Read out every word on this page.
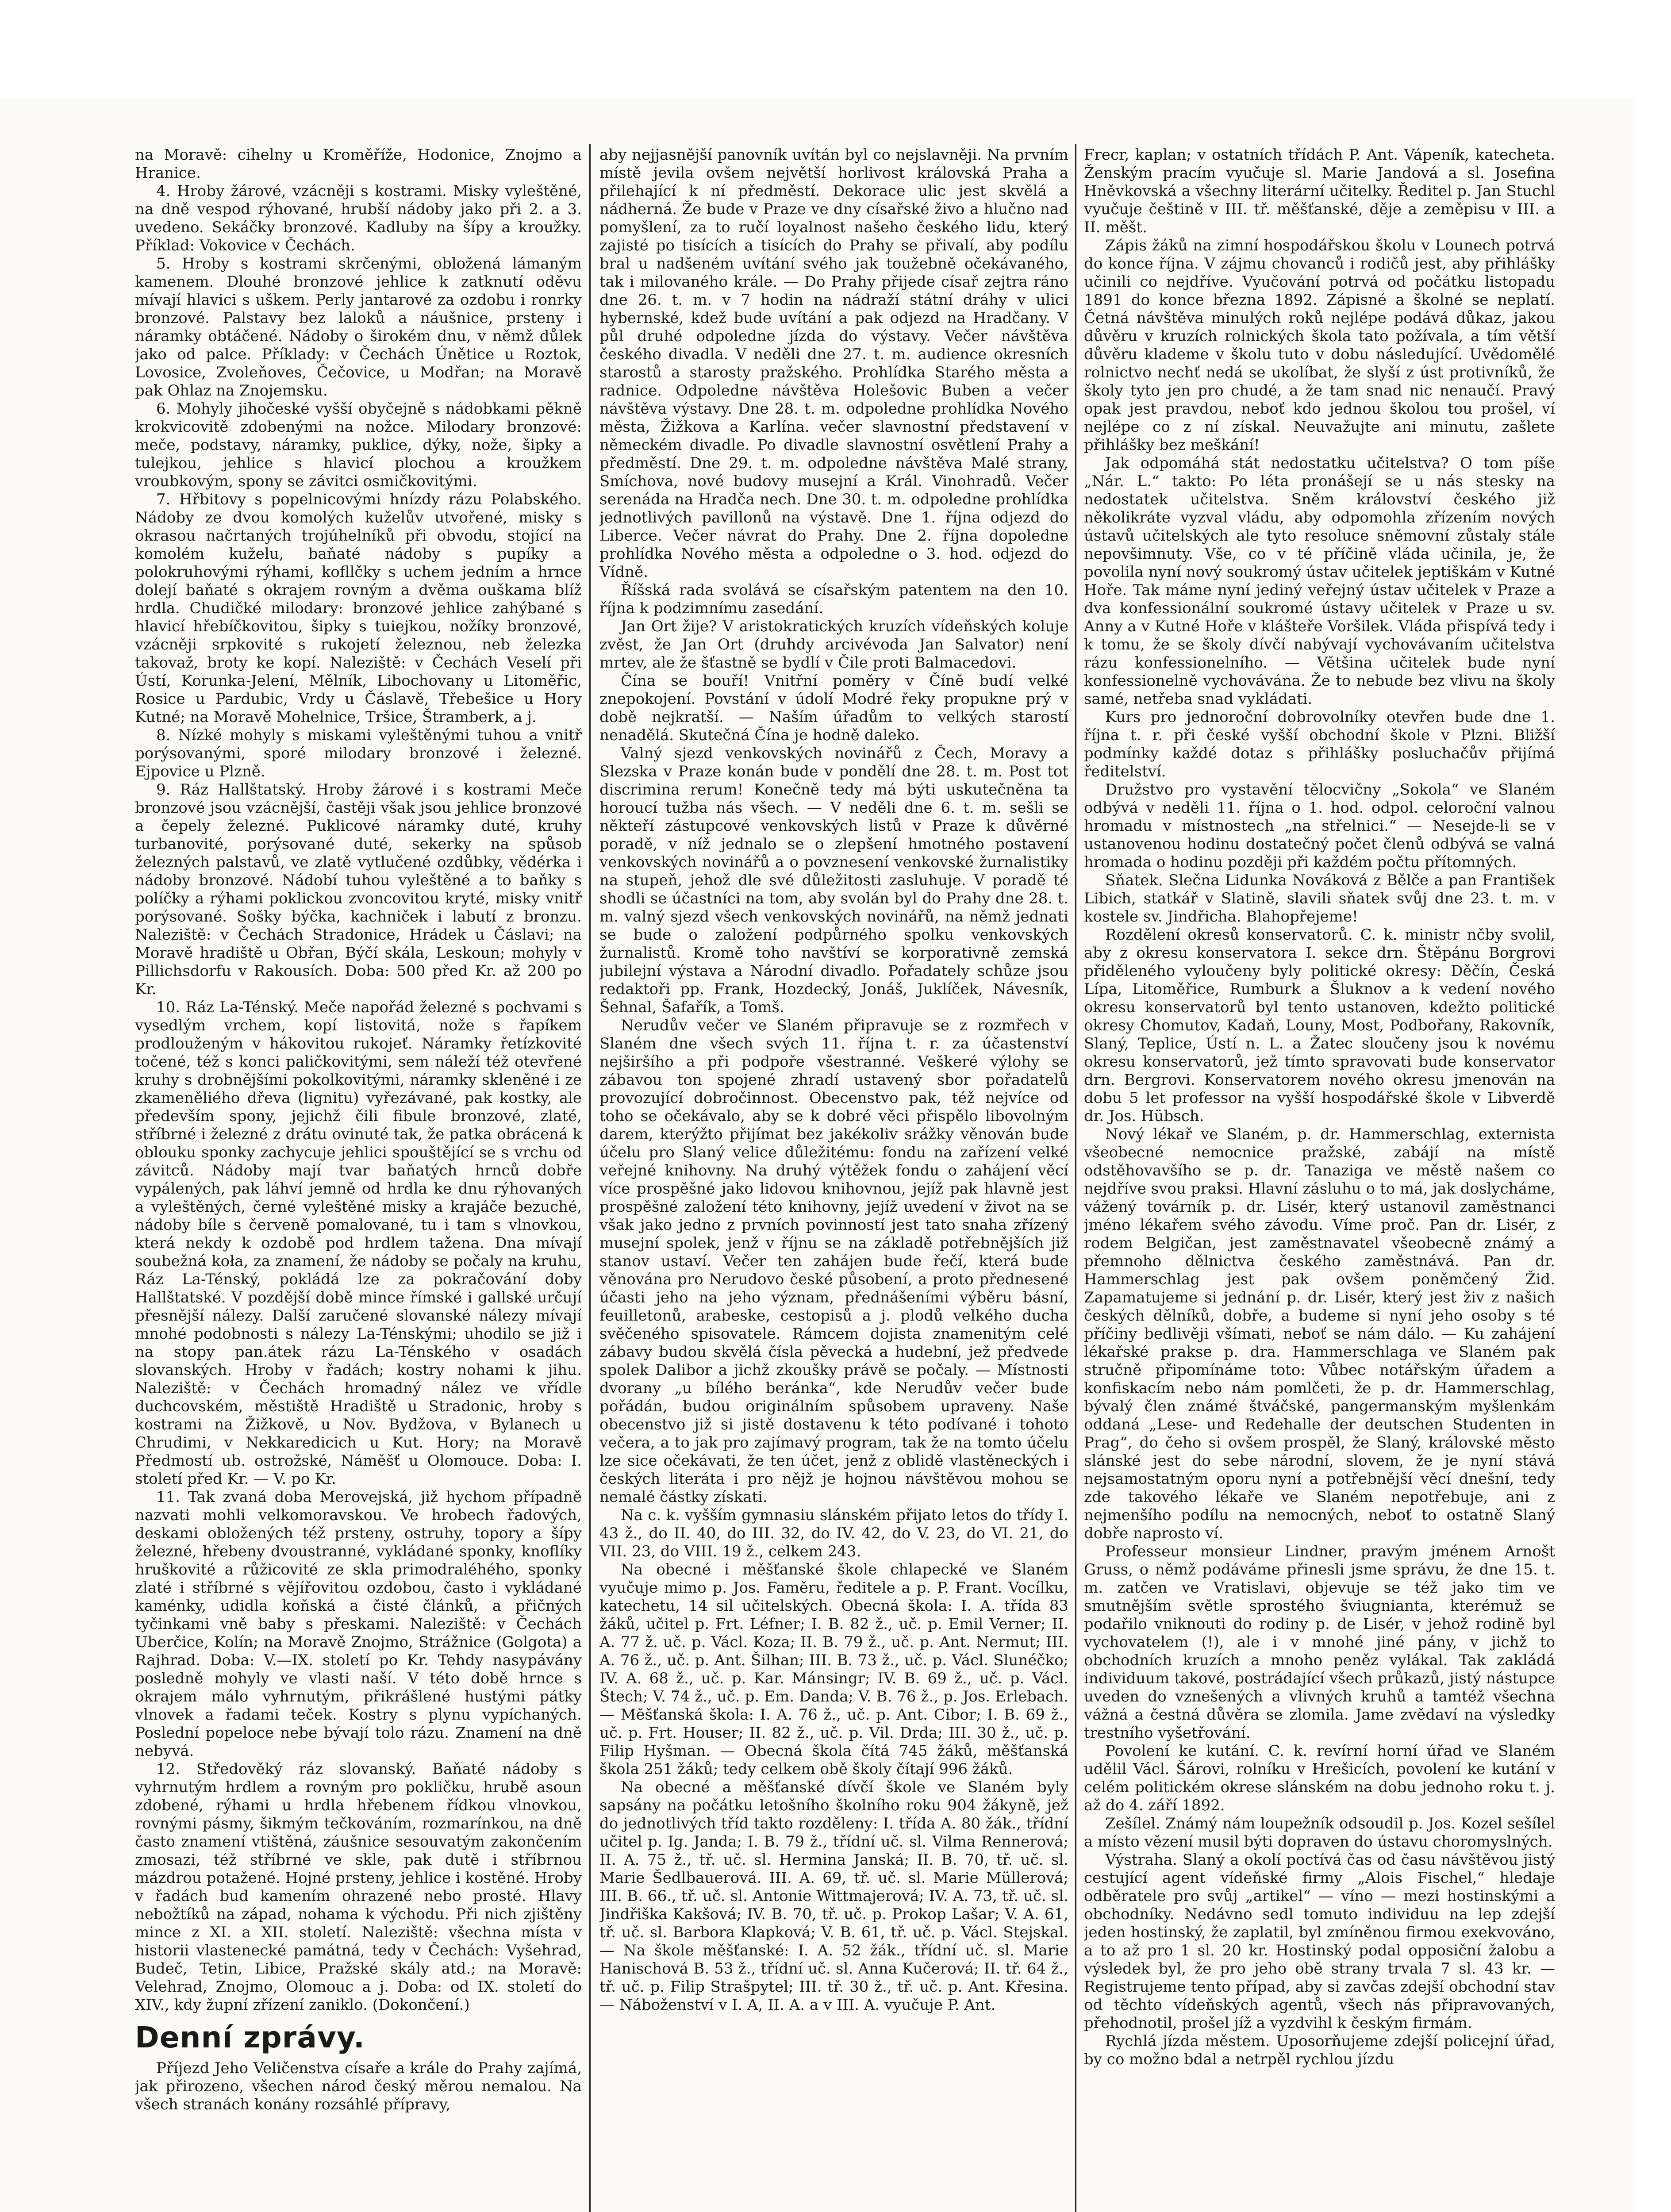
na Moravě: cihelny u Kroměříže, Hodonice, Znojmo a Hranice.

4. Hroby žárové, vzácněji s kostrami. Misky vyleštěné, na dně vespod rýhované, hrubší nádoby jako při 2. a 3. uvedeno. Sekáčky bronzové. Kadluby na šípy a kroužky. Příklad: Vokovice v Čechách.

5. Hroby s kostrami skrčenými, obložená lámaným kamenem. Dlouhé bronzové jehlice k zatknutí oděvu mívají hlavici s uškem. Perly jantarové za ozdobu i ronrky bronzové. Palstavy bez laloků a náušnice, prsteny i náramky obtáčené. Nádoby o širokém dnu, v němž důlek jako od palce. Příklady: v Čechách Únětice u Roztok, Lovosice, Zvoleňoves, Čečovice, u Modřan; na Moravě pak Ohlaz na Znojemsku.

6. Mohyly jihočeské vyšší obyčejně s nádobkami pěkně krokvicovitě zdobenými na nožce. Milodary bronzové: meče, podstavy, náramky, puklice, dýky, nože, šipky a tulejkou, jehlice s hlavicí plochou a kroužkem vroubkovým, spony se závitci osmičkovitými.

7. Hřbitovy s popelnicovými hnízdy rázu Polabského. Nádoby ze dvou komolých kuželův utvořené, misky s okrasou načrtaných trojúhelníků při obvodu, stojící na komolém kuželu, baňaté nádoby s pupíky a polokruhovými rýhami, kofllčky s uchem jedním a hrnce dolejí baňaté s okrajem rovným a dvěma ouškama blíž hrdla. Chudičké milodary: bronzové jehlice zahýbané s hlavicí hřebíčkovitou, šipky s tuiejkou, nožíky bronzové, vzácněji srpkovité s rukojetí železnou, neb železka takovaž, broty ke kopí. Naleziště: v Čechách Veselí při Ústí, Korunka-Jelení, Mělník, Libochovany u Litoměřic, Rosice u Pardubic, Vrdy u Čáslavě, Třebešice u Hory Kutné; na Moravě Mohelnice, Tršice, Štramberk, a j.

8. Nízké mohyly s miskami vyleštěnými tuhou a vnitř porýsovanými, sporé milodary bronzové i železné. Ejpovice u Plzně.

9. Ráz Hallštatský. Hroby žárové i s kostrami Meče bronzové jsou vzácnější, častěji však jsou jehlice bronzové a čepely železné. Puklicové náramky duté, kruhy turbanovité, porýsované duté, sekerky na spůsob železných palstavů, ve zlatě vytlučené ozdůbky, vědérka i nádoby bronzové. Nádobí tuhou vyleštěné a to baňky s políčky a rýhami poklickou zvoncovitou kryté, misky vnitř porýsované. Sošky býčka, kachniček i labutí z bronzu. Naleziště: v Čechách Stradonice, Hrádek u Čáslavi; na Moravě hradiště u Obřan, Býčí skála, Leskoun; mohyly v Pillichsdorfu v Rakousích. Doba: 500 před Kr. až 200 po Kr.

10. Ráz La-Ténský. Meče napořád železné s pochvami s vysedlým vrchem, kopí listovitá, nože s řapíkem prodlouženým v hákovitou rukojeť. Náramky řetízkovité točené, též s konci paličkovitými, sem náleží též otevřené kruhy s drobnějšími pokolkovitými, náramky skleněné i ze zkameněliého dřeva (lignitu) vyřezávané, pak kostky, ale především spony, jejichž čili fibule bronzové, zlaté, stříbrné i železné z drátu ovinuté tak, že patka obrácená k oblouku sponky zachycuje jehlici spouštějící se s vrchu od závitců. Nádoby mají tvar baňatých hrnců dobře vypálených, pak láhví jemně od hrdla ke dnu rýhovaných a vyleštěných, černé vyleštěné misky a krajáče bezuché, nádoby bíle s červeně pomalované, tu i tam s vlnovkou, která nekdy k ozdobě pod hrdlem tažena. Dna mívají soubežná koła, za znamení, že nádoby se počaly na kruhu, Ráz La-Ténský, pokládá lze za pokračování doby Hallštatské. V pozdější době mince římské i gallské určují přesnější nálezy. Další zaručené slovanské nálezy mívají mnohé podobnosti s nálezy La-Ténskými; uhodilo se již i na stopy pan.átek rázu La-Ténského v osadách slovanských. Hroby v řadách; kostry nohami k jihu. Naleziště: v Čechách hromadný nález ve vřídle duchcovském, městiště Hradiště u Stradonic, hroby s kostrami na Žižkově, u Nov. Bydžova, v Bylanech u Chrudimi, v Nekkaredicich u Kut. Hory; na Moravě Předmostí ub. ostrožské, Náměšť u Olomouce. Doba: I. století před Kr. — V. po Kr.

11. Tak zvaná doba Merovejská, již hychom případně nazvati mohli velkomoravskou. Ve hrobech řadových, deskami obložených též prsteny, ostruhy, topory a šípy železné, hřebeny dvoustranné, vykládané sponky, knoflíky hruškovité a růžicovité ze skla primodraléhého, sponky zlaté i stříbrné s vějířovitou ozdobou, často i vykládané kaménky, udidla koňská a čisté článků, a přičných tyčinkami vně baby s přeskami. Naleziště: v Čechách Uberčice, Kolín; na Moravě Znojmo, Strážnice (Golgota) a Rajhrad. Doba: V.—IX. století po Kr. Tehdy nasypávány posledně mohyly ve vlasti naší. V této době hrnce s okrajem málo vyhrnutým, přikrášlené hustými pátky vlnovek a řadami teček. Kostry s plynu vypíchaných. Poslední popeloce nebe bývají tolo rázu. Znamení na dně nebyvá.

12. Středověký ráz slovanský. Baňaté nádoby s vyhrnutým hrdlem a rovným pro pokličku, hrubě asoun zdobené, rýhami u hrdla hřebenem řídkou vlnovkou, rovnými pásmy, šikmým tečkováním, rozmarínkou, na dně často znamení vtištěná, záušnice sesouvatým zakončením zmosazi, též stříbrné ve skle, pak dutě i stříbrnou mázdrou potažené. Hojné prsteny, jehlice i kostěné. Hroby v řadách bud kamením ohrazené nebo prosté. Hlavy nebožtíků na západ, nohama k východu. Při nich zjištěny mince z XI. a XII. století. Naleziště: všechna místa v historii vlastenecké památná, tedy v Čechách: Vyšehrad, Budeč, Tetin, Libice, Pražské skály atd.; na Moravě: Velehrad, Znojmo, Olomouc a j. Doba: od IX. století do XIV., kdy župní zřízení zaniklo. (Dokončení.)

Denní zprávy.

Příjezd Jeho Veličenstva císaře a krále do Prahy zajímá, jak přirozeno, všechen národ český měrou nemalou. Na všech stranách konány rozsáhlé přípravy,

aby nejjasnější panovník uvítán byl co nejslavněji. Na prvním místě jevila ovšem největší horlivost královská Praha a přilehající k ní předměstí. Dekorace ulic jest skvělá a nádherná. Že bude v Praze ve dny císařské živo a hlučno nad pomyšlení, za to ručí loyalnost našeho českého lidu, který zajisté po tisících a tisících do Prahy se přivalí, aby podílu bral u nadšeném uvítání svého jak toužebně očekávaného, tak i milovaného krále. — Do Prahy přijede císař zejtra ráno dne 26. t. m. v 7 hodin na nádraží státní dráhy v ulici hybernské, kdež bude uvítání a pak odjezd na Hradčany. V půl druhé odpoledne jízda do výstavy. Večer návštěva českého divadla. V neděli dne 27. t. m. audience okresních starostů a starosty pražského. Prohlídka Starého města a radnice. Odpoledne návštěva Holešovic Buben a večer návštěva výstavy. Dne 28. t. m. odpoledne prohlídka Nového města, Žižkova a Karlína. večer slavnostní představení v německém divadle. Po divadle slavnostní osvětlení Prahy a předměstí. Dne 29. t. m. odpoledne návštěva Malé strany, Smíchova, nové budovy musejní a Král. Vinohradů. Večer serenáda na Hradča nech. Dne 30. t. m. odpoledne prohlídka jednotlivých pavillonů na výstavě. Dne 1. října odjezd do Liberce. Večer návrat do Prahy. Dne 2. října dopoledne prohlídka Nového města a odpoledne o 3. hod. odjezd do Vídně.

Říšská rada svolává se císařským patentem na den 10. října k podzimnímu zasedání.

Jan Ort žije? V aristokratických kruzích vídeňských koluje zvěst, že Jan Ort (druhdy arcivévoda Jan Salvator) není mrtev, ale že šťastně se bydlí v Čile proti Balmacedovi.

Čína se bouří! Vnitřní poměry v Číně budí velké znepokojení. Povstání v údolí Modré řeky propukne prý v době nejkratší. — Naším úřadům to velkých starostí nenadělá. Skutečná Čína je hodně daleko.

Valný sjezd venkovských novinářů z Čech, Moravy a Slezska v Praze konán bude v pondělí dne 28. t. m. Post tot discrimina rerum! Konečně tedy má býti uskutečněna ta horoucí tužba nás všech. — V neděli dne 6. t. m. sešli se někteří zástupcové venkovských listů v Praze k důvěrné poradě, v níž jednalo se o zlepšení hmotného postavení venkovských novinářů a o povznesení venkovské žurnalistiky na stupeň, jehož dle své důležitosti zasluhuje. V poradě té shodli se účastníci na tom, aby svolán byl do Prahy dne 28. t. m. valný sjezd všech venkovských novinářů, na němž jednati se bude o založení podpůrného spolku venkovských žurnalistů. Kromě toho navštíví se korporativně zemská jubilejní výstava a Národní divadlo. Pořadately schůze jsou redaktoři pp. Frank, Hozdecký, Jonáš, Juklíček, Návesník, Šehnal, Šafařík, a Tomš.

Nerudův večer ve Slaném připravuje se z rozmřech v Slaném dne všech svých 11. října t. r. za účastenství nejširšího a při podpoře všestranné. Veškeré výlohy se zábavou ton spojené zhradí ustavený sbor pořadatelů provozující dobročinnost. Obecenstvo pak, též nejvíce od toho se očekávalo, aby se k dobré věci přispělo libovolným darem, kterýžto přijímat bez jakékoliv srážky věnován bude účelu pro Slaný velice důležitému: fondu na zařízení velké veřejné knihovny. Na druhý výtěžek fondu o zahájení věcí více prospěšné jako lidovou knihovnou, jejíž pak hlavně jest prospěšné založení této knihovny, jejíž uvedení v život na se však jako jedno z prvních povinností jest tato snaha zřízený musejní spolek, jenž v říjnu se na základě potřebnějších již stanov ustaví. Večer ten zahájen bude řečí, která bude věnována pro Nerudovo české působení, a proto přednesené účasti jeho na jeho význam, přednášeními výběru básní, feuilletonů, arabeske, cestopisů a j. plodů velkého ducha svěčeného spisovatele. Rámcem dojista znamenitým celé zábavy budou skvělá čísla pěvecká a hudební, jež předvede spolek Dalibor a jichž zkoušky právě se počaly. — Místnosti dvorany „u bílého beránka“, kde Nerudův večer bude pořádán, budou originálním spůsobem upraveny. Naše obecenstvo již si jistě dostavenu k této podívané i tohoto večera, a to jak pro zajímavý program, tak že na tomto účelu lze sice očekávati, že ten účet, jenž z oblidě vlastěneckých i českých literáta i pro nějž je hojnou návštěvou mohou se nemalé částky získati.

Na c. k. vyšším gymnasiu slánském přijato letos do třídy I. 43 ž., do II. 40, do III. 32, do IV. 42, do V. 23, do VI. 21, do VII. 23, do VIII. 19 ž., celkem 243.

Na obecné i měšťanské škole chlapecké ve Slaném vyučuje mimo p. Jos. Faměru, ředitele a p. P. Frant. Vocílku, katechetu, 14 sil učitelských. Obecná škola: I. A. třída 83 žáků, učitel p. Frt. Léfner; I. B. 82 ž., uč. p. Emil Verner; II. A. 77 ž. uč. p. Václ. Koza; II. B. 79 ž., uč. p. Ant. Nermut; III. A. 76 ž., uč. p. Ant. Šilhan; III. B. 73 ž., uč. p. Václ. Slunéčko; IV. A. 68 ž., uč. p. Kar. Mánsingr; IV. B. 69 ž., uč. p. Václ. Štech; V. 74 ž., uč. p. Em. Danda; V. B. 76 ž., p. Jos. Erlebach. — Měšťanská škola: I. A. 76 ž., uč. p. Ant. Cibor; I. B. 69 ž., uč. p. Frt. Houser; II. 82 ž., uč. p. Vil. Drda; III. 30 ž., uč. p. Filip Hyšman. — Obecná škola čítá 745 žáků, měšťanská škola 251 žáků; tedy celkem obě školy čítají 996 žáků.

Na obecné a měšťanské dívčí škole ve Slaném byly sapsány na počátku letošního školního roku 904 žákyně, jež do jednotlivých tříd takto rozděleny: I. třída A. 80 žák., třídní učitel p. Ig. Janda; I. B. 79 ž., třídní uč. sl. Vilma Rennerová; II. A. 75 ž., tř. uč. sl. Hermina Janská; II. B. 70, tř. uč. sl. Marie Šedlbauerová. III. A. 69, tř. uč. sl. Marie Müllerová; III. B. 66., tř. uč. sl. Antonie Wittmajerová; IV. A. 73, tř. uč. sl. Jindřiška Kakšová; IV. B. 70, tř. uč. p. Prokop Lašar; V. A. 61, tř. uč. sl. Barbora Klapková; V. B. 61, tř. uč. p. Václ. Stejskal. — Na škole měšťanské: I. A. 52 žák., třídní uč. sl. Marie Hanischová B. 53 ž., třídní uč. sl. Anna Kučerová; II. tř. 64 ž., tř. uč. p. Filip Strašpytel; III. tř. 30 ž., tř. uč. p. Ant. Křesina. — Náboženství v I. A, II. A. a v III. A. vyučuje P. Ant.

Frecr, kaplan; v ostatních třídách P. Ant. Vápeník, katecheta. Ženským pracím vyučuje sl. Marie Jandová a sl. Josefina Hněvkovská a všechny literární učitelky. Ředitel p. Jan Stuchl vyučuje češtině v III. tř. měšťanské, děje a zeměpisu v III. a II. měšt.

Zápis žáků na zimní hospodářskou školu v Lounech potrvá do konce října. V zájmu chovanců i rodičů jest, aby přihlášky učinili co nejdříve. Vyučování potrvá od počátku listopadu 1891 do konce března 1892. Zápisné a školné se neplatí. Četná návštěva minulých roků nejlépe podává důkaz, jakou důvěru v kruzích rolnických škola tato požívala, a tím větší důvěru klademe v školu tuto v dobu následující. Uvědomělé rolnictvo nechť nedá se ukolíbat, že slyší z úst protivníků, že školy tyto jen pro chudé, a že tam snad nic nenaučí. Pravý opak jest pravdou, neboť kdo jednou školou tou prošel, ví nejlépe co z ní získal. Neuvažujte ani minutu, zašlete přihlášky bez meškání!

Jak odpomáhá stát nedostatku učitelstva? O tom píše „Nár. L.“ takto: Po léta pronášejí se u nás stesky na nedostatek učitelstva. Sněm království českého již několikráte vyzval vládu, aby odpomohla zřízením nových ústavů učitelských ale tyto resoluce sněmovní zůstaly stále nepovšimnuty. Vše, co v té příčině vláda učinila, je, že povolila nyní nový soukromý ústav učitelek jeptiškám v Kutné Hoře. Tak máme nyní jediný veřejný ústav učitelek v Praze a dva konfessionální soukromé ústavy učitelek v Praze u sv. Anny a v Kutné Hoře v klášteře Voršilek. Vláda přispívá tedy i k tomu, že se školy dívčí nabývají vychovávaním učitelstva rázu konfessionelního. — Většina učitelek bude nyní konfessionelně vychovávána. Že to nebude bez vlivu na školy samé, netřeba snad vykládati.

Kurs pro jednoroční dobrovolníky otevřen bude dne 1. října t. r. při české vyšší obchodní škole v Plzni. Bližší podmínky každé dotaz s přihlášky posluchačův přijímá ředitelství.

Družstvo pro vystavění tělocvičny „Sokola“ ve Slaném odbývá v neděli 11. října o 1. hod. odpol. celoroční valnou hromadu v místnostech „na střelnici.“ — Nesejde-li se v ustanovenou hodinu dostatečný počet členů odbývá se valná hromada o hodinu později při každém počtu přítomných.

Sňatek. Slečna Lidunka Nováková z Bělče a pan František Libich, statkář v Slatině, slavili sňatek svůj dne 23. t. m. v kostele sv. Jindřicha. Blahopřejeme!

Rozdělení okresů konservatorů. C. k. ministr nčby svolil, aby z okresu konservatora I. sekce drn. Štěpánu Borgrovi přiděleného vyloučeny byly politické okresy: Děčín, Česká Lípa, Litoměřice, Rumburk a Šluknov a k vedení nového okresu konservatorů byl tento ustanoven, kdežto politické okresy Chomutov, Kadaň, Louny, Most, Podbořany, Rakovník, Slaný, Teplice, Ústí n. L. a Žatec sloučeny jsou k novému okresu konservatorů, jež tímto spravovati bude konservator drn. Bergrovi. Konservatorem nového okresu jmenován na dobu 5 let professor na vyšší hospodářské škole v Libverdě dr. Jos. Hübsch.

Nový lékař ve Slaném, p. dr. Hammerschlag, externista všeobecné nemocnice pražské, zabájí na místě odstěhovavšího se p. dr. Tanaziga ve městě našem co nejdříve svou praksi. Hlavní zásluhu o to má, jak doslycháme, vážený továrník p. dr. Lisér, který ustanovil zaměstnanci jméno lékařem svého závodu. Víme proč. Pan dr. Lisér, z rodem Belgičan, jest zaměstnavatel všeobecně známý a přemnoho dělnictva českého zaměstnává. Pan dr. Hammerschlag jest pak ovšem poněmčený Žid. Zapamatujeme si jednání p. dr. Lisér, který jest živ z našich českých dělníků, dobře, a budeme si nyní jeho osoby s té příčiny bedlivěji všímati, neboť se nám dálo. — Ku zahájení lékařské prakse p. dra. Hammerschlaga ve Slaném pak stručně připomínáme toto: Vůbec notářským úřadem a konfiskacím nebo nám pomlčeti, že p. dr. Hammerschlag, bývalý člen známé štváčské, pangermanským myšlenkám oddaná „Lese- und Redehalle der deutschen Studenten in Prag“, do čeho si ovšem prospěl, že Slaný, královské město slánské jest do sebe národní, slovem, že je nyní stává nejsamostatným oporu nyní a potřebnější věcí dnešní, tedy zde takového lékaře ve Slaném nepotřebuje, ani z nejmenšího podílu na nemocných, neboť to ostatně Slaný dobře naprosto ví.

Professeur monsieur Lindner, pravým jménem Arnošt Gruss, o němž podáváme přinesli jsme správu, že dne 15. t. m. zatčen ve Vratislavi, objevuje se též jako tim ve smutnějším světle sprostého šviugnianta, kterémuž se podařilo vniknouti do rodiny p. de Lisér, v jehož rodině byl vychovatelem (!), ale i v mnohé jiné pány, v jichž to obchodních kruzích a mnoho peněz vylákal. Tak zakládá individuum takové, postrádající všech průkazů, jistý nástupce uveden do vznešených a vlivných kruhů a tamtéž všechna vážná a čestná důvěra se zlomila. Jame zvědaví na výsledky trestního vyšetřování.

Povolení ke kutání. C. k. revírní horní úřad ve Slaném udělil Václ. Šárovi, rolníku v Hrešicích, povolení ke kutání v celém politickém okrese slánském na dobu jednoho roku t. j. až do 4. září 1892.

Zešílel. Známý nám loupežník odsoudil p. Jos. Kozel sešílel a místo vězení musil býti dopraven do ústavu choromyslných.

Výstraha. Slaný a okolí poctívá čas od času návštěvou jistý cestující agent vídeňské firmy „Alois Fischel,“ hledaje odběratele pro svůj „artikel“ — víno — mezi hostinskými a obchodníky. Nedávno sedl tomuto individuu na lep zdejší jeden hostinský, že zaplatil, byl zmíněnou firmou exekvováno, a to až pro 1 sl. 20 kr. Hostinský podal opposiční žalobu a výsledek byl, že pro jeho obě strany trvala 7 sl. 43 kr. — Registrujeme tento případ, aby si zavčas zdejší obchodní stav od těchto vídeňských agentů, všech nás připravovaných, přehodnotil, prošel jíž a vyzdvihl k českým firmám.

Rychlá jízda městem. Uposorňujeme zdejší policejní úřad, by co možno bdal a netrpěl rychlou jízdu
